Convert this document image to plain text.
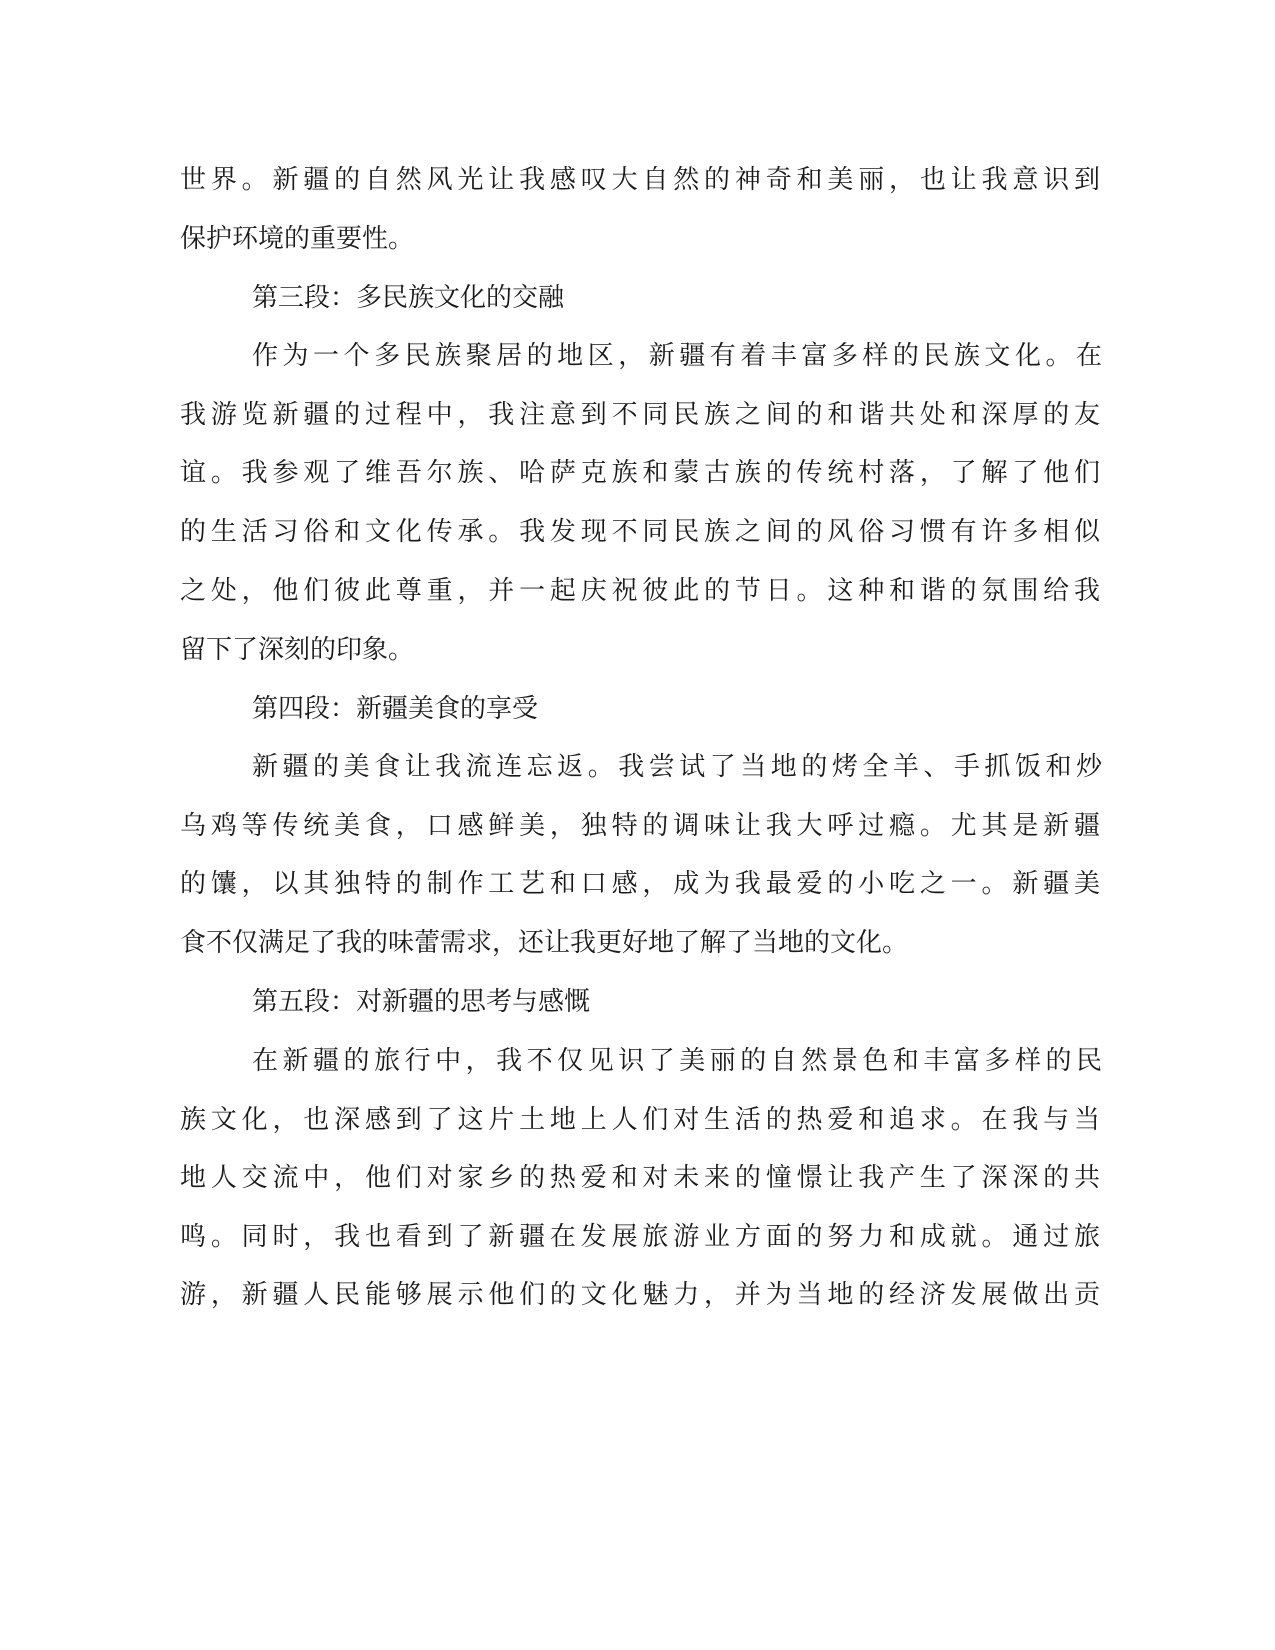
世界。新疆的自然风光让我感叹大自然的神奇和美丽，也让我意识到

保护环境的重要性。

第三段：多民族文化的交融

作为一个多民族聚居的地区，新疆有着丰富多样的民族文化。在

我游览新疆的过程中，我注意到不同民族之间的和谐共处和深厚的友

谊。我参观了维吾尔族、哈萨克族和蒙古族的传统村落，了解了他们

的生活习俗和文化传承。我发现不同民族之间的风俗习惯有许多相似

之处，他们彼此尊重，并一起庆祝彼此的节日。这种和谐的氛围给我

留下了深刻的印象。

第四段：新疆美食的享受

新疆的美食让我流连忘返。我尝试了当地的烤全羊、手抓饭和炒

乌鸡等传统美食，口感鲜美，独特的调味让我大呼过瘾。尤其是新疆

的馕，以其独特的制作工艺和口感，成为我最爱的小吃之一。新疆美

食不仅满足了我的味蕾需求，还让我更好地了解了当地的文化。

第五段：对新疆的思考与感慨

在新疆的旅行中，我不仅见识了美丽的自然景色和丰富多样的民

族文化，也深感到了这片土地上人们对生活的热爱和追求。在我与当

地人交流中，他们对家乡的热爱和对未来的憧憬让我产生了深深的共

鸣。同时，我也看到了新疆在发展旅游业方面的努力和成就。通过旅

游，新疆人民能够展示他们的文化魅力，并为当地的经济发展做出贡
